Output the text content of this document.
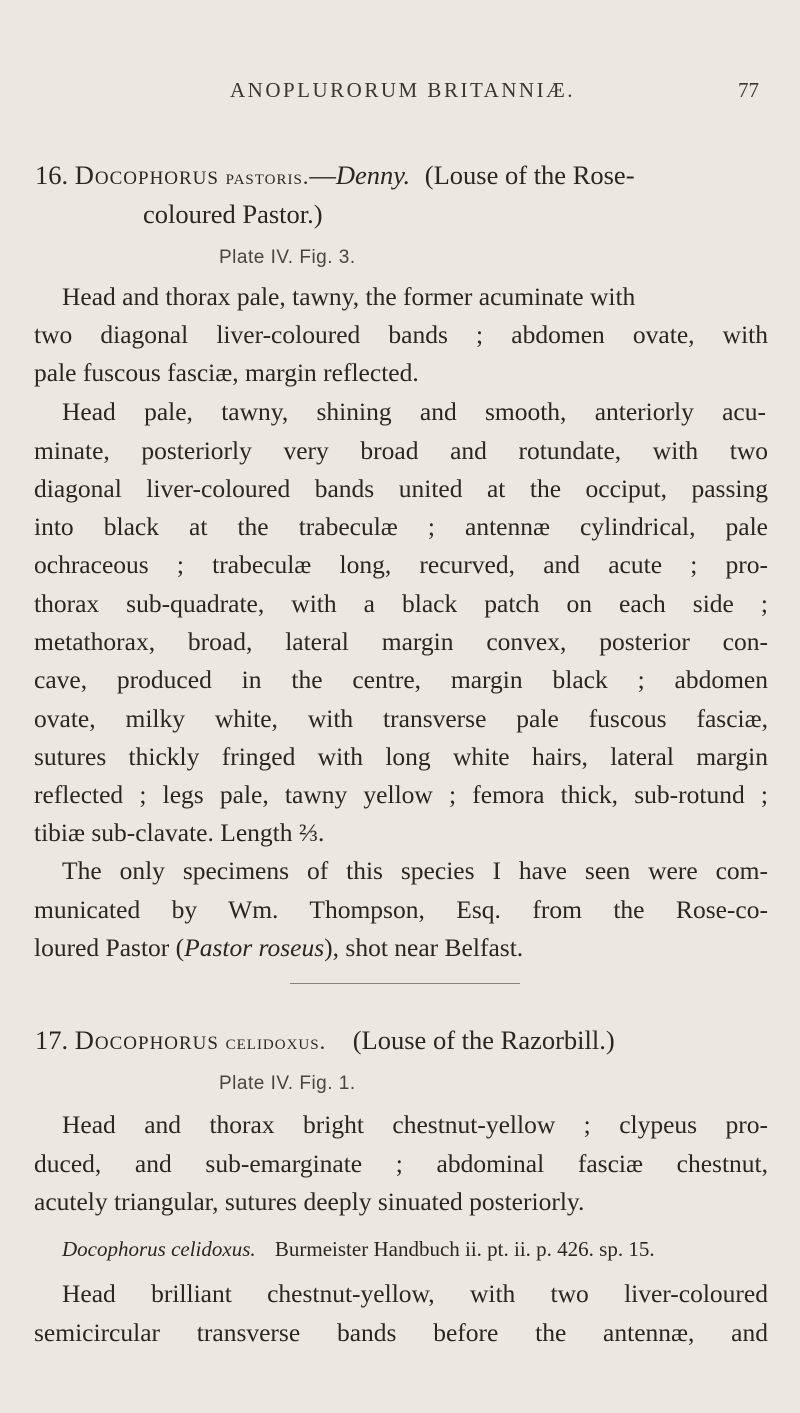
ANOPLURORUM BRITANNIÆ.	77
16. Docophorus pastoris.—Denny. (Louse of the Rose-
coloured Pastor.)
Plate IV. Fig. 3.
Head and thorax pale, tawny, the former acuminate with
two diagonal liver-coloured bands ; abdomen ovate, with
pale fuscous fasciæ, margin reflected.
Head pale, tawny, shining and smooth, anteriorly acu-
minate, posteriorly very broad and rotundate, with two
diagonal liver-coloured bands united at the occiput, passing
into black at the trabeculæ ; antennæ cylindrical, pale
ochraceous ; trabeculæ long, recurved, and acute ; pro-
thorax sub-quadrate, with a black patch on each side ;
metathorax, broad, lateral margin convex, posterior con-
cave, produced in the centre, margin black ; abdomen
ovate, milky white, with transverse pale fuscous fasciæ,
sutures thickly fringed with long white hairs, lateral margin
reflected ; legs pale, tawny yellow ; femora thick, sub-rotund ;
tibiæ sub-clavate. Length ⅔.
The only specimens of this species I have seen were com-
municated by Wm. Thompson, Esq. from the Rose-co-
loured Pastor (Pastor roseus), shot near Belfast.
17. Docophorus celidoxus. (Louse of the Razorbill.)
Plate IV. Fig. 1.
Head and thorax bright chestnut-yellow ; clypeus pro-
duced, and sub-emarginate ; abdominal fasciæ chestnut,
acutely triangular, sutures deeply sinuated posteriorly.
Docophorus celidoxus. Burmeister Handbuch ii. pt. ii. p. 426. sp. 15.
Head brilliant chestnut-yellow, with two liver-coloured
semicircular transverse bands before the antennæ, and
